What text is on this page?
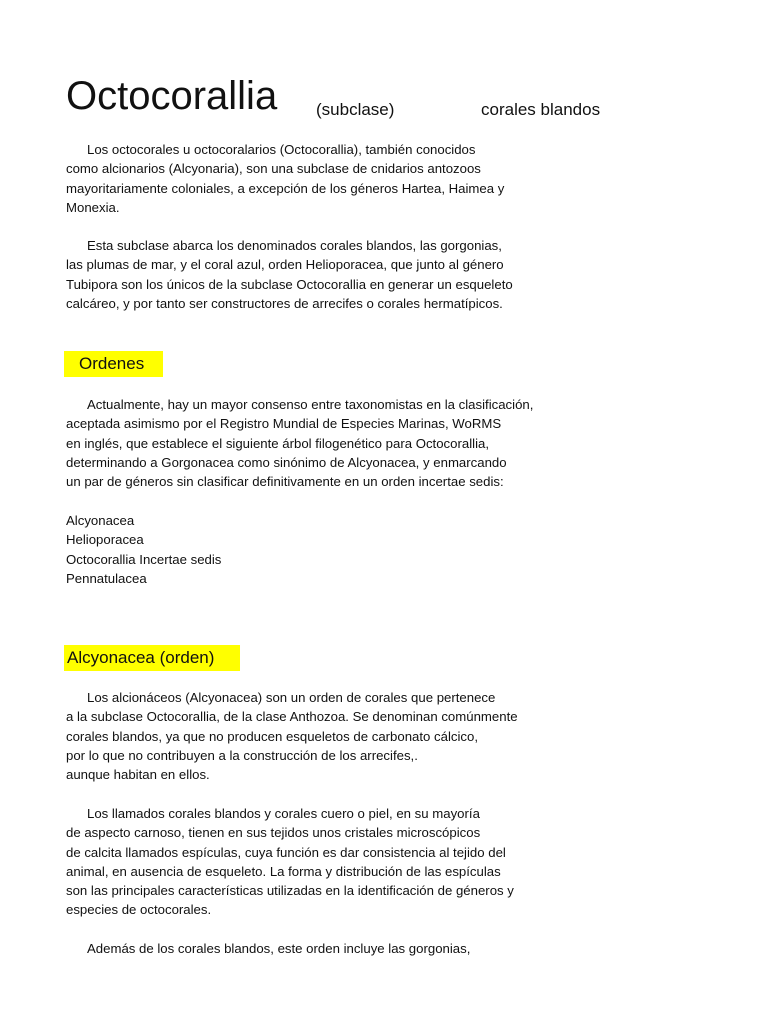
Octocorallia (subclase)	corales blandos
Los octocorales u octocoralarios (Octocorallia), también conocidos
como alcionarios (Alcyonaria), son una subclase de cnidarios antozoos
mayoritariamente coloniales, a excepción de los géneros Hartea, Haimea y
Monexia.
Esta subclase abarca los denominados corales blandos, las gorgonias,
las plumas de mar, y el coral azul, orden Helioporacea, que junto al género
Tubipora son los únicos de la subclase Octocorallia en generar un esqueleto
calcáreo, y por tanto ser constructores de arrecifes o corales hermatípicos.
Ordenes
Actualmente, hay un mayor consenso entre taxonomistas en la clasificación,
aceptada asimismo por el Registro Mundial de Especies Marinas, WoRMS
en inglés, que establece el siguiente árbol filogenético para Octocorallia,
determinando a Gorgonacea como sinónimo de Alcyonacea, y enmarcando
un par de géneros sin clasificar definitivamente en un orden incertae sedis:
Alcyonacea
Helioporacea
Octocorallia Incertae sedis
Pennatulacea
Alcyonacea (orden)
Los alcionáceos (Alcyonacea) son un orden de corales que pertenece
a la subclase Octocorallia, de la clase Anthozoa. Se denominan comúnmente
corales blandos, ya que no producen esqueletos de carbonato cálcico,
por lo que no contribuyen a la construcción de los arrecifes,.
aunque habitan en ellos.
Los llamados corales blandos y corales cuero o piel, en su mayoría
de aspecto carnoso, tienen en sus tejidos unos cristales microscópicos
de calcita llamados espículas, cuya función es dar consistencia al tejido del
animal, en ausencia de esqueleto. La forma y distribución de las espículas
son las principales características utilizadas en la identificación de géneros y
especies de octocorales.
Además de los corales blandos, este orden incluye las gorgonias,
